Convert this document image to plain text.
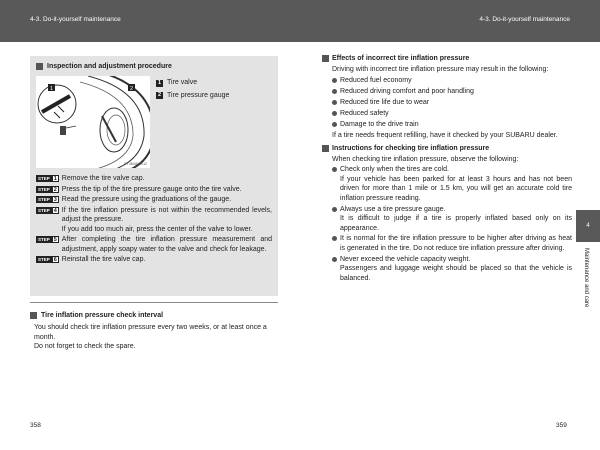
4-3. Do-it-yourself maintenance	4-3. Do-it-yourself maintenance
Inspection and adjustment procedure
1	2
CT4M4AW012
1 Tire valve
2 Tire pressure gauge
STEP 1 Remove the tire valve cap.
STEP 2 Press the tip of the tire pressure gauge onto the tire valve.
STEP 3 Read the pressure using the graduations of the gauge.
STEP 4 If the tire inflation pressure is not within the recommended levels, adjust the pressure.
If you add too much air, press the center of the valve to lower.
STEP 5 After completing the tire inflation pressure measurement and adjustment, apply soapy water to the valve and check for leakage.
STEP 6 Reinstall the tire valve cap.
Tire inflation pressure check interval
You should check tire inflation pressure every two weeks, or at least once a month.
Do not forget to check the spare.
358
Effects of incorrect tire inflation pressure
Driving with incorrect tire inflation pressure may result in the following:
Reduced fuel economy
Reduced driving comfort and poor handling
Reduced tire life due to wear
Reduced safety
Damage to the drive train
If a tire needs frequent refilling, have it checked by your SUBARU dealer.
Instructions for checking tire inflation pressure
When checking tire inflation pressure, observe the following:
Check only when the tires are cold.
If your vehicle has been parked for at least 3 hours and has not been driven for more than 1 mile or 1.5 km, you will get an accurate cold tire inflation pressure reading.
Always use a tire pressure gauge.
It is difficult to judge if a tire is properly inflated based only on its appearance.
It is normal for the tire inflation pressure to be higher after driving as heat is generated in the tire. Do not reduce tire inflation pressure after driving.
Never exceed the vehicle capacity weight.
Passengers and luggage weight should be placed so that the vehicle is balanced.
4
Maintenance and care
359
